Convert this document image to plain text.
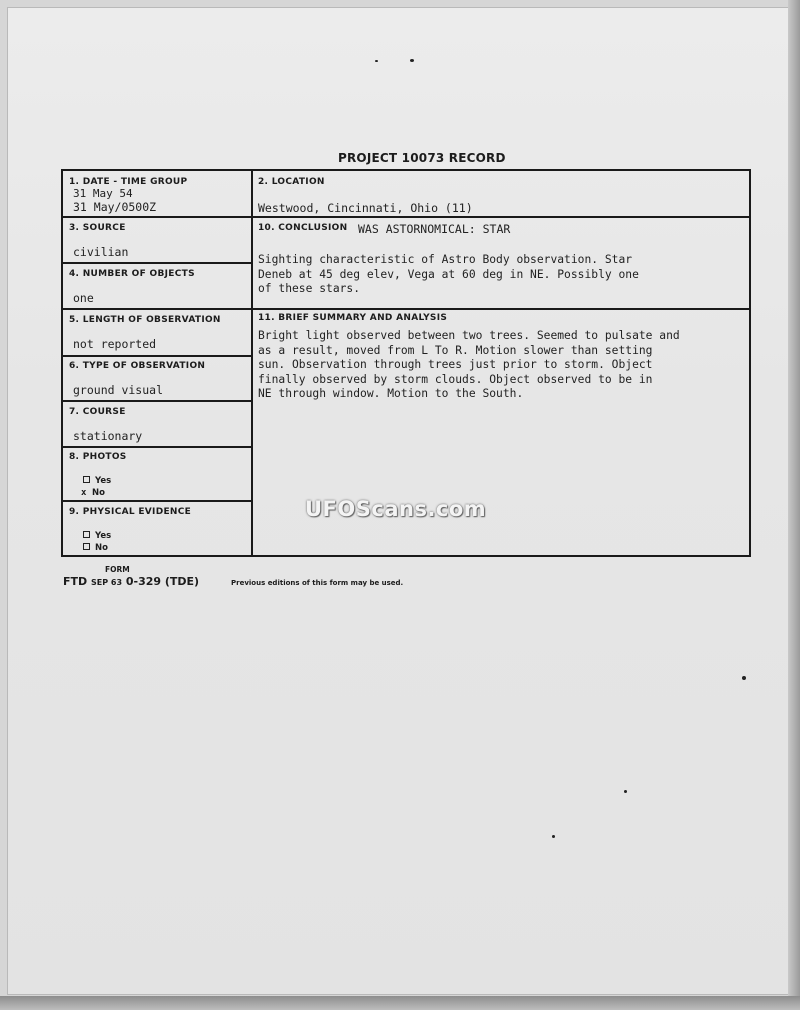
PROJECT 10073 RECORD
1. DATE - TIME GROUP
31 May 54
31 May/0500Z
2. LOCATION
Westwood, Cincinnati, Ohio (11)
3. SOURCE
civilian
10. CONCLUSION WAS ASTORNOMICAL: STAR
Sighting characteristic of Astro Body observation. Star
Deneb at 45 deg elev, Vega at 60 deg in NE. Possibly one
of these stars.
4. NUMBER OF OBJECTS
one
5. LENGTH OF OBSERVATION
not reported
11. BRIEF SUMMARY AND ANALYSIS
Bright light observed between two trees. Seemed to pulsate and
as a result, moved from L To R. Motion slower than setting
sun. Observation through trees just prior to storm. Object
finally observed by storm clouds. Object observed to be in
NE through window. Motion to the South.
6. TYPE OF OBSERVATION
ground visual
7. COURSE
stationary
8. PHOTOS
Yes
x No
9. PHYSICAL EVIDENCE
Yes
No
FORM
FTD SEP 63 0-329 (TDE)	Previous editions of this form may be used.
UFOScans.com
